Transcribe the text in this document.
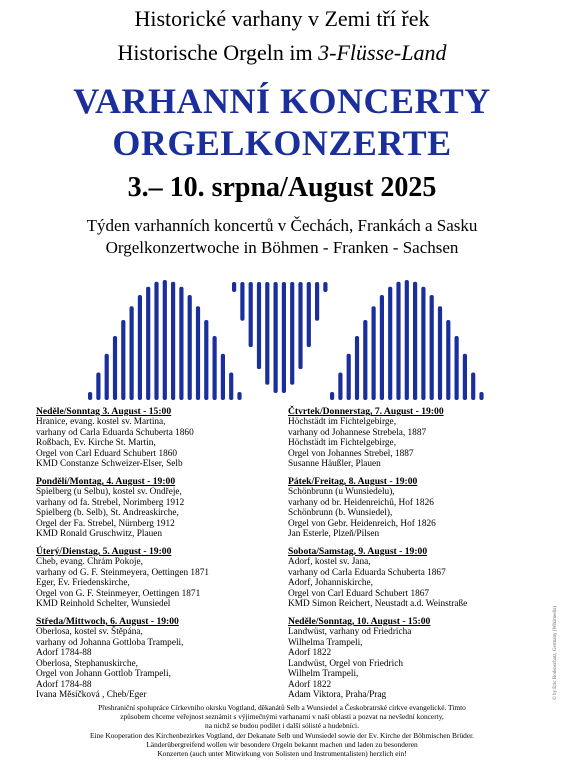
Historické varhany v Zemi tří řek
Historische Orgeln im 3-Flüsse-Land
VARHANNÍ KONCERTY
ORGELKONZERTE
3.– 10. srpna/August 2025
Týden varhanních koncertů v Čechách, Frankách a Sasku
Orgelkonzertwoche in Böhmen - Franken - Sachsen
Neděle/Sonntag 3. August - 15:00
Hranice, evang. kostel sv. Martina,
varhany od Carla Eduarda Schuberta 1860
Roßbach, Ev. Kirche St. Martin,
Orgel von Carl Eduard Schubert 1860
KMD Constanze Schweizer-Elser, Selb
Pondělí/Montag, 4. August - 19:00
Spielberg (u Selbu), kostel sv. Ondřeje,
varhany od fa. Strebel, Norimberg 1912
Spielberg (b. Selb), St. Andreaskirche,
Orgel der Fa. Strebel, Nürnberg 1912
KMD Ronald Gruschwitz, Plauen
Úterý/Dienstag, 5. August - 19:00
Cheb, evang. Chrám Pokoje,
varhany od G. F. Steinmeyera, Oettingen 1871
Eger, Ev. Friedenskirche,
Orgel von G. F. Steinmeyer, Oettingen 1871
KMD Reinhold Schelter, Wunsiedel
Středa/Mittwoch, 6. August - 19:00
Oberlosa, kostel sv. Štěpána,
varhany od Johanna Gottloba Trampeli,
Adorf 1784-88
Oberlosa, Stephanuskirche,
Orgel von Johann Gottlob Trampeli,
Adorf 1784-88
Ivana Měsíčková , Cheb/Eger
Čtvrtek/Donnerstag, 7. August - 19:00
Höchstädt im Fichtelgebirge,
varhany od Johannese Strebela, 1887
Höchstädt im Fichtelgebirge,
Orgel von Johannes Strebel, 1887
Susanne Häußler, Plauen
Pátek/Freitag, 8. August - 19:00
Schönbrunn (u Wunsiedelu),
varhany od br. Heidenreichů, Hof 1826
Schönbrunn (b. Wunsiedel),
Orgel von Gebr. Heidenreich, Hof 1826
Jan Esterle, Plzeň/Pilsen
Sobota/Samstag, 9. August - 19:00
Adorf, kostel sv. Jana,
varhany od Carla Eduarda Schuberta 1867
Adorf, Johanniskirche,
Orgel von Carl Eduard Schubert 1867
KMD Simon Reichert, Neustadt a.d. Weinstraße
Neděle/Sonntag, 10. August - 15:00
Landwüst, varhany od Friedricha
Wilhelma Trampeli,
Adorf 1822
Landwüst, Orgel von Friedrich
Wilhelm Trampeli,
Adorf 1822
Adam Viktora, Praha/Prag
Přeshraniční spolupráce Církevního okrsku Vogtland, děkanátů Selb a Wunsiedel a Českobratrské církve evangelické. Timto
způsobem chceme veřejnost seznámit s výjimečnými varhanami v naší oblasti a pozvat na nevšední koncerty,
na nichž se budou podílet i další sólisté a hudebníci.
Eine Kooperation des Kirchenbezirkes Vogtland, der Dekanate Selb und Wunsiedel sowie der Ev. Kirche der Böhmischen Brüder.
Länderübergreifend wollen wir besondere Orgeln bekannt machen und laden zu besonderen
Konzerten (auch unter Mitwirkung von Solisten und Instrumentalisten) herzlich ein!
© by Eric Bodenschatz, Germany (Wikimedia)
